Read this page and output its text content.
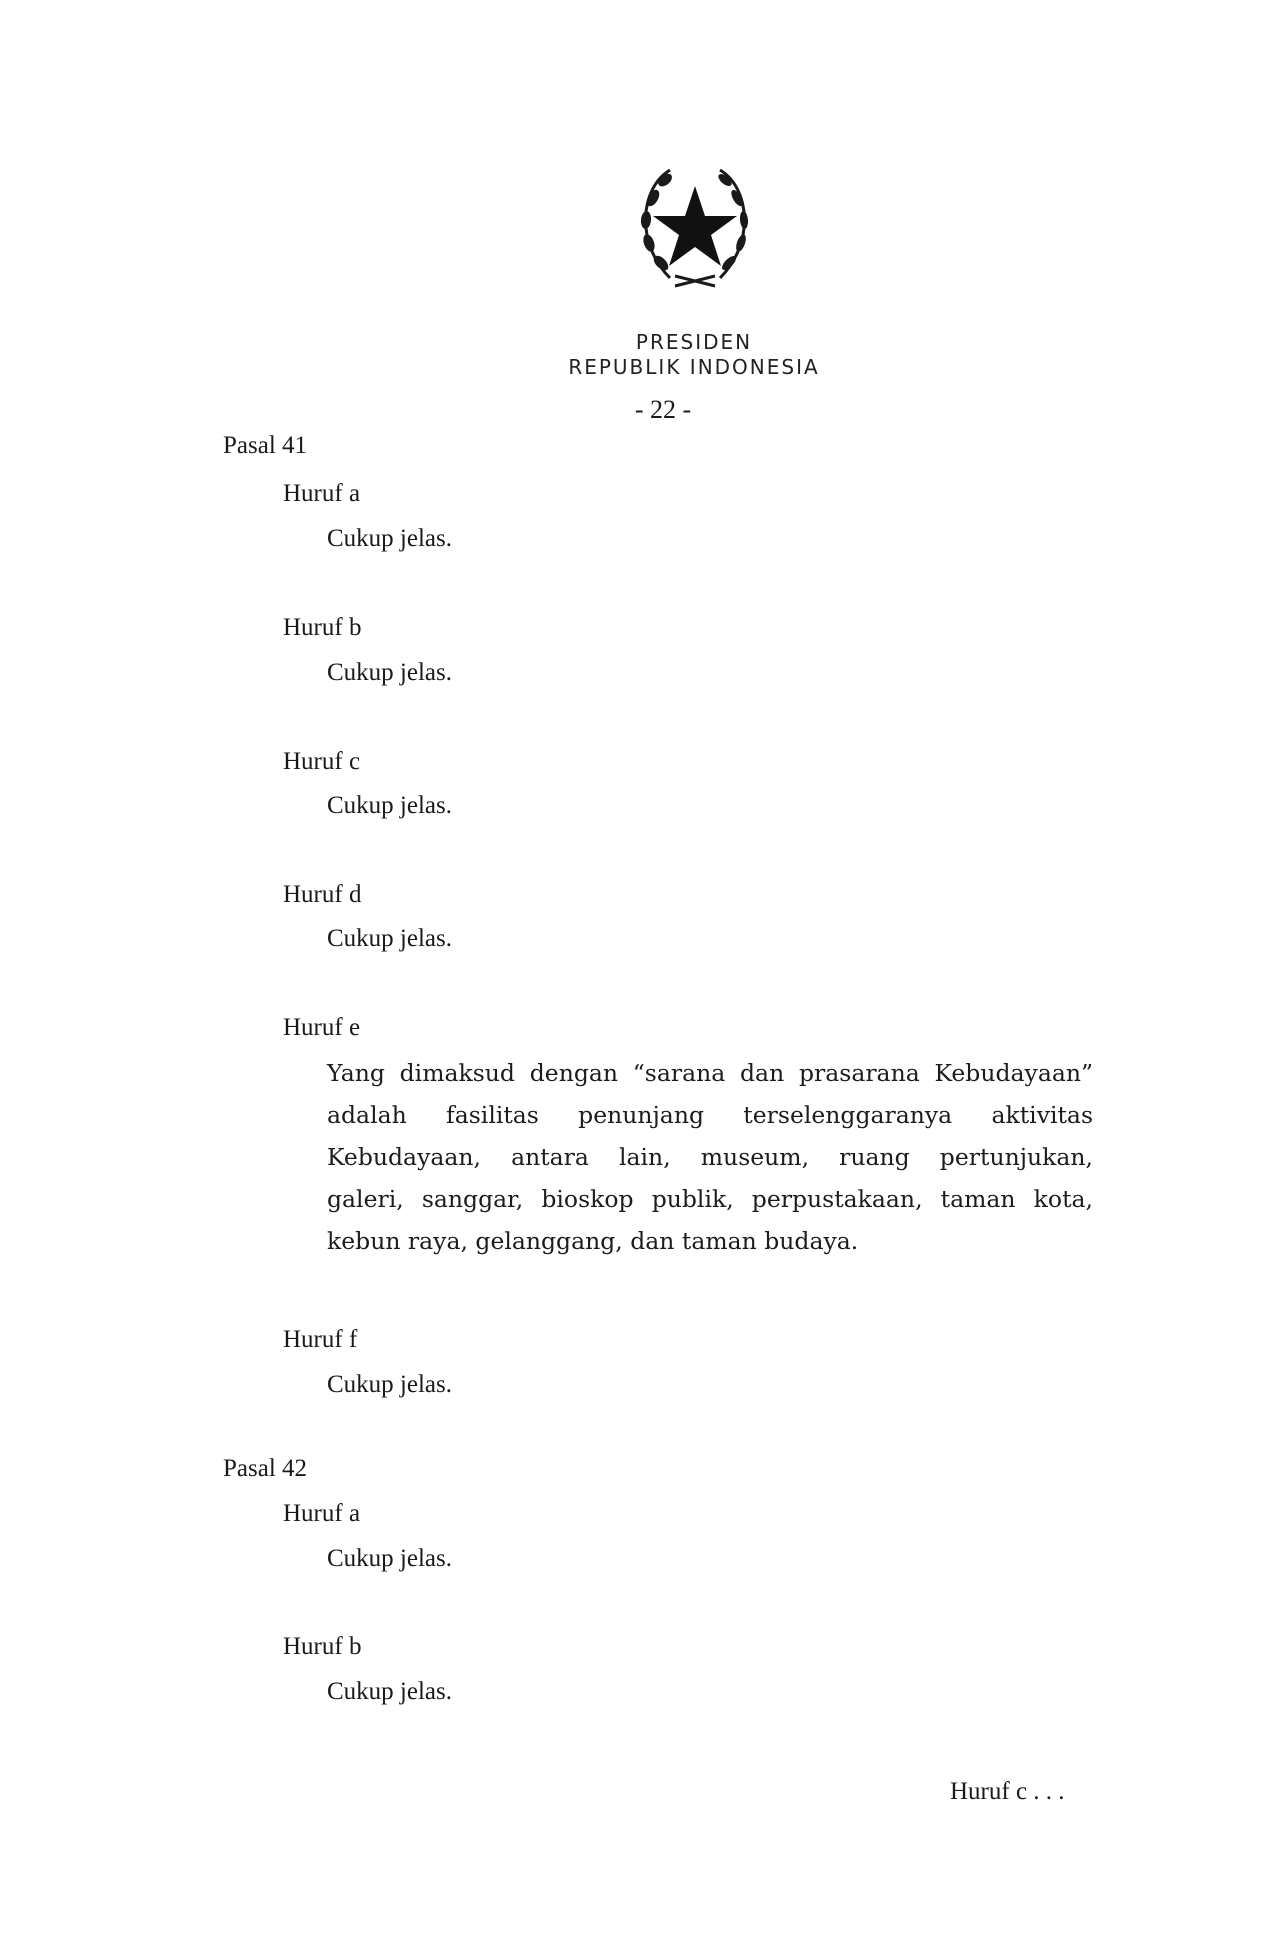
PRESIDEN
REPUBLIK INDONESIA
- 22 -
Pasal 41
Huruf a
Cukup jelas.
Huruf b
Cukup jelas.
Huruf c
Cukup jelas.
Huruf d
Cukup jelas.
Huruf e
Yang dimaksud dengan “sarana dan prasarana Kebudayaan”
adalah fasilitas penunjang terselenggaranya aktivitas
Kebudayaan, antara lain, museum, ruang pertunjukan,
galeri, sanggar, bioskop publik, perpustakaan, taman kota,
kebun raya, gelanggang, dan taman budaya.
Huruf f
Cukup jelas.
Pasal 42
Huruf a
Cukup jelas.
Huruf b
Cukup jelas.
Huruf c . . .
